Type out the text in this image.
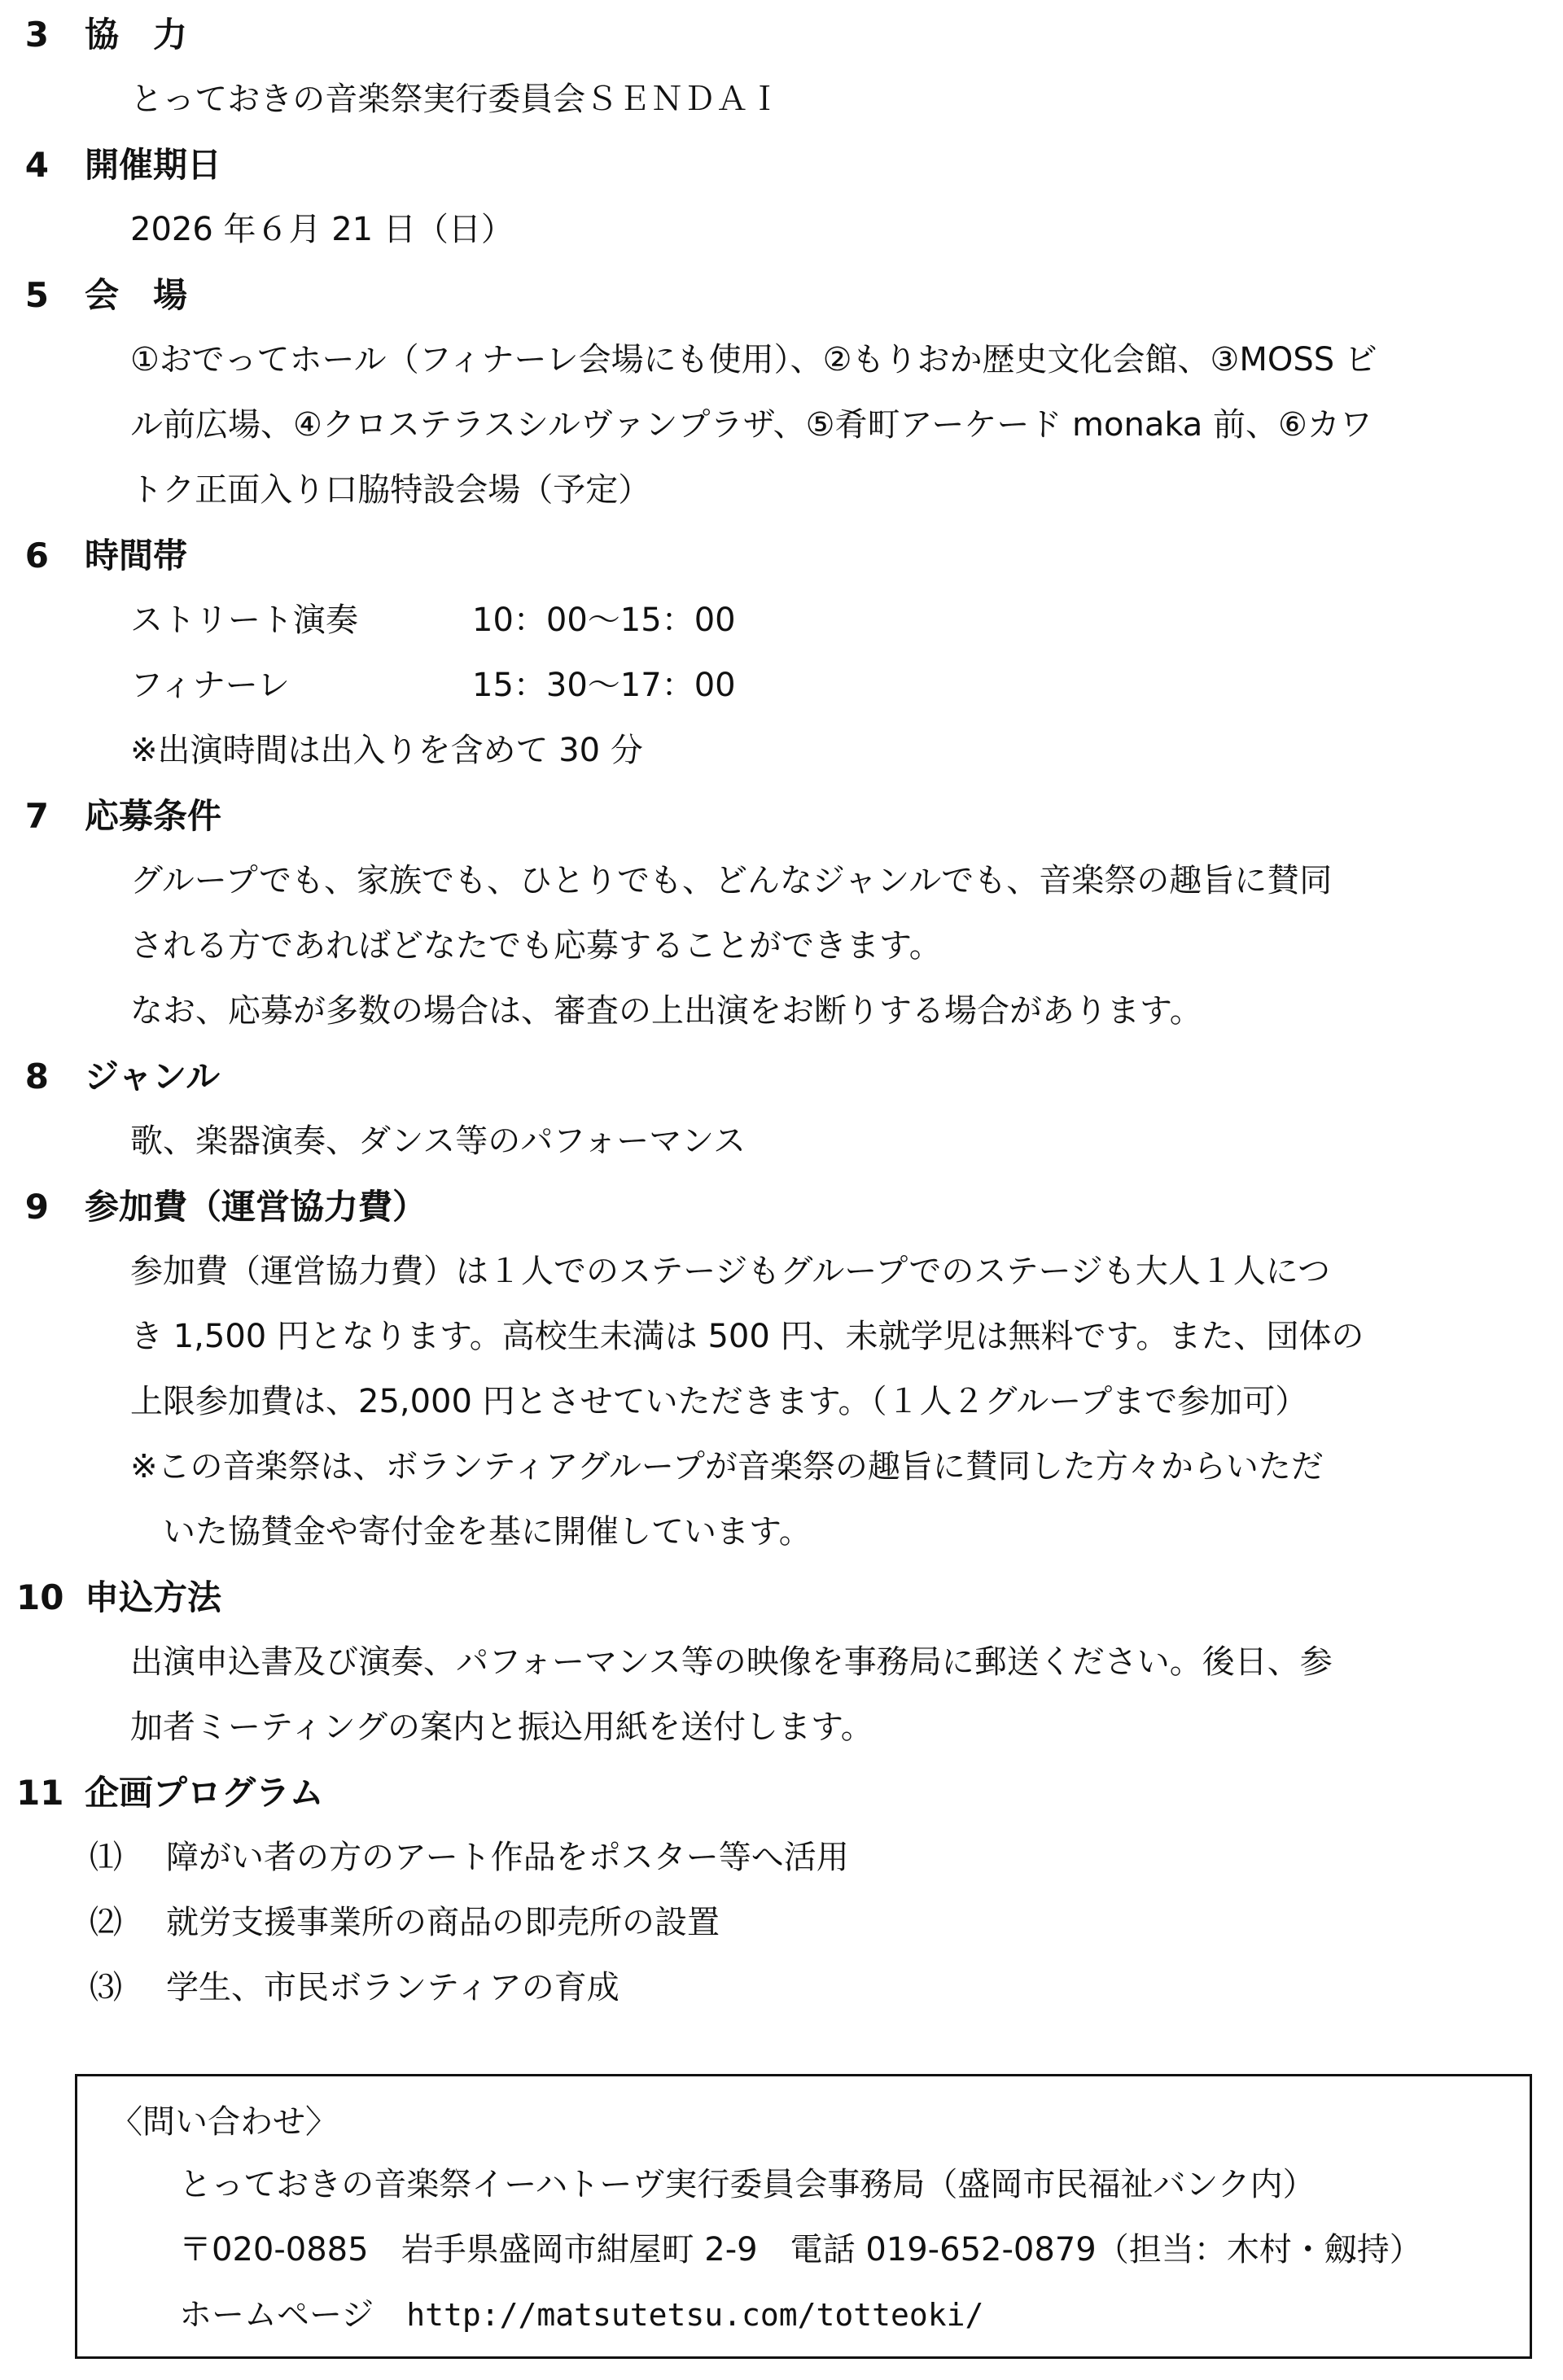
3 協　力
とっておきの音楽祭実行委員会ＳＥＮＤＡＩ
4 開催期日
2026 年６月 21 日（日）
5 会　場
①おでってホール（フィナーレ会場にも使用）、②もりおか歴史文化会館、③MOSS ビ
ル前広場、④クロステラスシルヴァンプラザ、⑤肴町アーケード monaka 前、⑥カワ
トク正面入り口脇特設会場（予定）
6 時間帯
ストリート演奏	10：00～15：00
フィナーレ	15：30～17：00
※出演時間は出入りを含めて 30 分
7 応募条件
グループでも、家族でも、ひとりでも、どんなジャンルでも、音楽祭の趣旨に賛同
される方であればどなたでも応募することができます。
なお、応募が多数の場合は、審査の上出演をお断りする場合があります。
8 ジャンル
歌、楽器演奏、ダンス等のパフォーマンス
9 参加費（運営協力費）
参加費（運営協力費）は１人でのステージもグループでのステージも大人１人につ
き 1,500 円となります。高校生未満は 500 円、未就学児は無料です。また、団体の
上限参加費は、25,000 円とさせていただきます。（１人２グループまで参加可）
※この音楽祭は、ボランティアグループが音楽祭の趣旨に賛同した方々からいただ
いた協賛金や寄付金を基に開催しています。
10 申込方法
出演申込書及び演奏、パフォーマンス等の映像を事務局に郵送ください。後日、参
加者ミーティングの案内と振込用紙を送付します。
11 企画プログラム
⑴ 障がい者の方のアート作品をポスター等へ活用
⑵ 就労支援事業所の商品の即売所の設置
⑶ 学生、市民ボランティアの育成
〈問い合わせ〉
とっておきの音楽祭イーハトーヴ実行委員会事務局（盛岡市民福祉バンク内）
〒020-0885 岩手県盛岡市紺屋町 2-9 電話 019-652-0879（担当：木村・劔持）
ホームページ http://matsutetsu.com/totteoki/
